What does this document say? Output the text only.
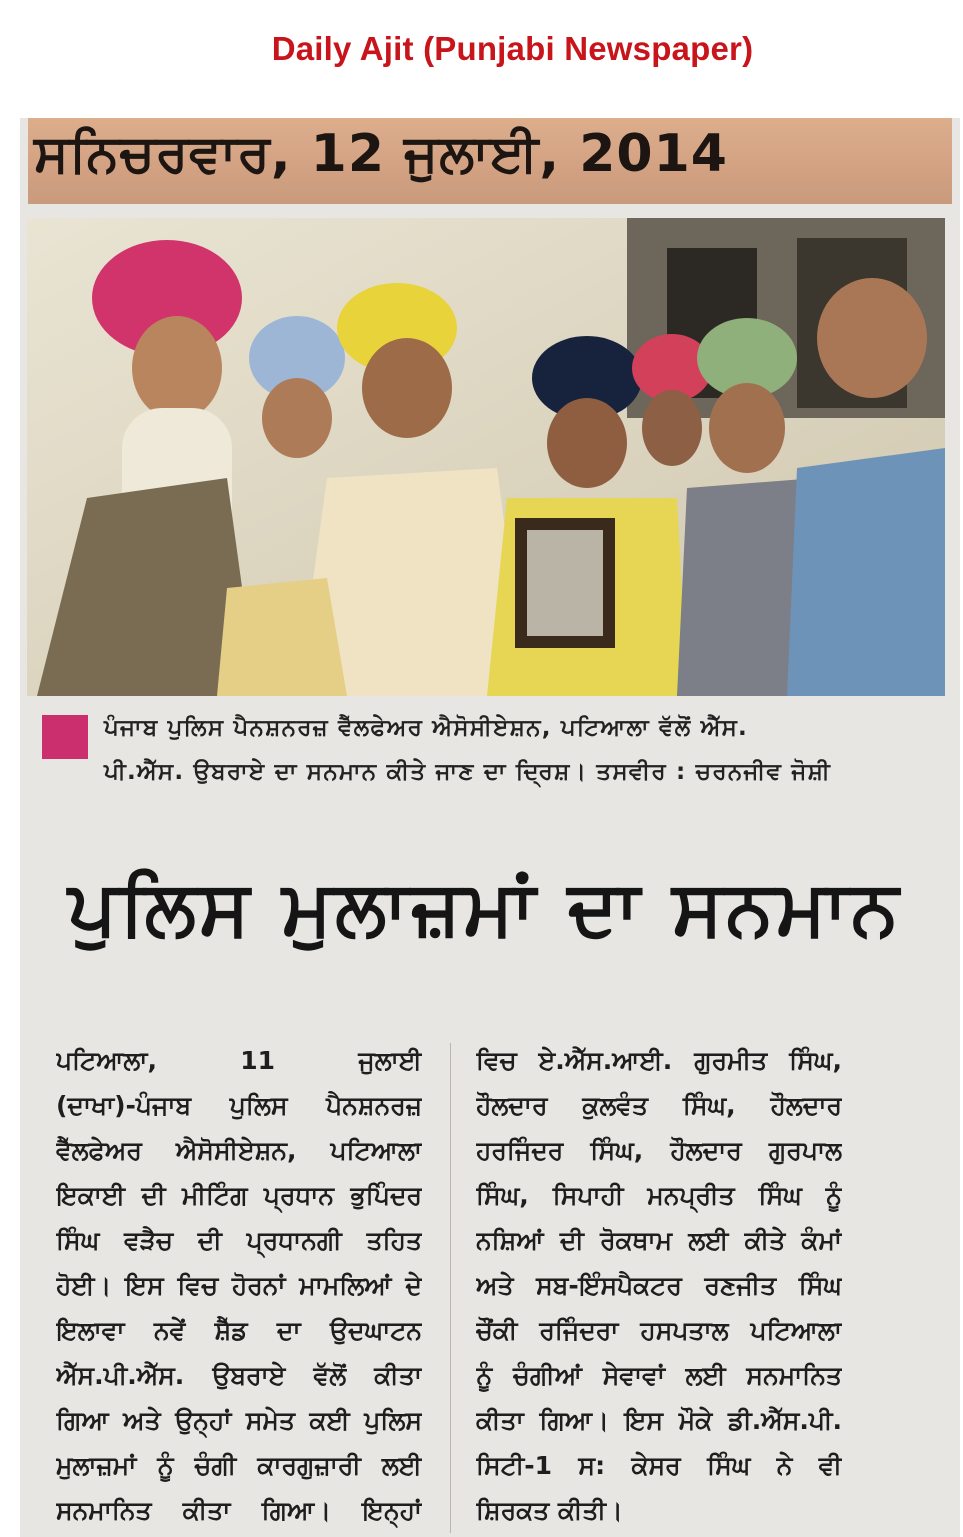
Daily Ajit (Punjabi Newspaper)
ਸਨਿਚਰਵਾਰ, 12 ਜੁਲਾਈ, 2014
ਪੰਜਾਬ ਪੁਲਿਸ ਪੈਨਸ਼ਨਰਜ਼ ਵੈੱਲਫੇਅਰ ਐਸੋਸੀਏਸ਼ਨ, ਪਟਿਆਲਾ ਵੱਲੋਂ ਐੱਸ.
ਪੀ.ਐੱਸ. ਉਬਰਾਏ ਦਾ ਸਨਮਾਨ ਕੀਤੇ ਜਾਣ ਦਾ ਦ੍ਰਿਸ਼। ਤਸਵੀਰ : ਚਰਨਜੀਵ ਜੋਸ਼ੀ
ਪੁਲਿਸ ਮੁਲਾਜ਼ਮਾਂ ਦਾ ਸਨਮਾਨ
ਪਟਿਆਲਾ, 11 ਜੁਲਾਈ
(ਦਾਖਾ)-ਪੰਜਾਬ ਪੁਲਿਸ ਪੈਨਸ਼ਨਰਜ਼
ਵੈੱਲਫੇਅਰ ਐਸੋਸੀਏਸ਼ਨ, ਪਟਿਆਲਾ
ਇਕਾਈ ਦੀ ਮੀਟਿੰਗ ਪ੍ਰਧਾਨ ਭੁਪਿੰਦਰ
ਸਿੰਘ ਵੜੈਚ ਦੀ ਪ੍ਰਧਾਨਗੀ ਤਹਿਤ
ਹੋਈ। ਇਸ ਵਿਚ ਹੋਰਨਾਂ ਮਾਮਲਿਆਂ ਦੇ
ਇਲਾਵਾ ਨਵੇਂ ਸ਼ੈੱਡ ਦਾ ਉਦਘਾਟਨ
ਐੱਸ.ਪੀ.ਐੱਸ. ਉਬਰਾਏ ਵੱਲੋਂ ਕੀਤਾ
ਗਿਆ ਅਤੇ ਉਨ੍ਹਾਂ ਸਮੇਤ ਕਈ ਪੁਲਿਸ
ਮੁਲਾਜ਼ਮਾਂ ਨੂੰ ਚੰਗੀ ਕਾਰਗੁਜ਼ਾਰੀ ਲਈ
ਸਨਮਾਨਿਤ ਕੀਤਾ ਗਿਆ। ਇਨ੍ਹਾਂ
ਵਿਚ ਏ.ਐੱਸ.ਆਈ. ਗੁਰਮੀਤ ਸਿੰਘ,
ਹੌਲਦਾਰ ਕੁਲਵੰਤ ਸਿੰਘ, ਹੌਲਦਾਰ
ਹਰਜਿੰਦਰ ਸਿੰਘ, ਹੌਲਦਾਰ ਗੁਰਪਾਲ
ਸਿੰਘ, ਸਿਪਾਹੀ ਮਨਪ੍ਰੀਤ ਸਿੰਘ ਨੂੰ
ਨਸ਼ਿਆਂ ਦੀ ਰੋਕਥਾਮ ਲਈ ਕੀਤੇ ਕੰਮਾਂ
ਅਤੇ ਸਬ-ਇੰਸਪੈਕਟਰ ਰਣਜੀਤ ਸਿੰਘ
ਚੌਂਕੀ ਰਜਿੰਦਰਾ ਹਸਪਤਾਲ ਪਟਿਆਲਾ
ਨੂੰ ਚੰਗੀਆਂ ਸੇਵਾਵਾਂ ਲਈ ਸਨਮਾਨਿਤ
ਕੀਤਾ ਗਿਆ। ਇਸ ਮੌਕੇ ਡੀ.ਐੱਸ.ਪੀ.
ਸਿਟੀ-1 ਸ: ਕੇਸਰ ਸਿੰਘ ਨੇ ਵੀ
ਸ਼ਿਰਕਤ ਕੀਤੀ।
